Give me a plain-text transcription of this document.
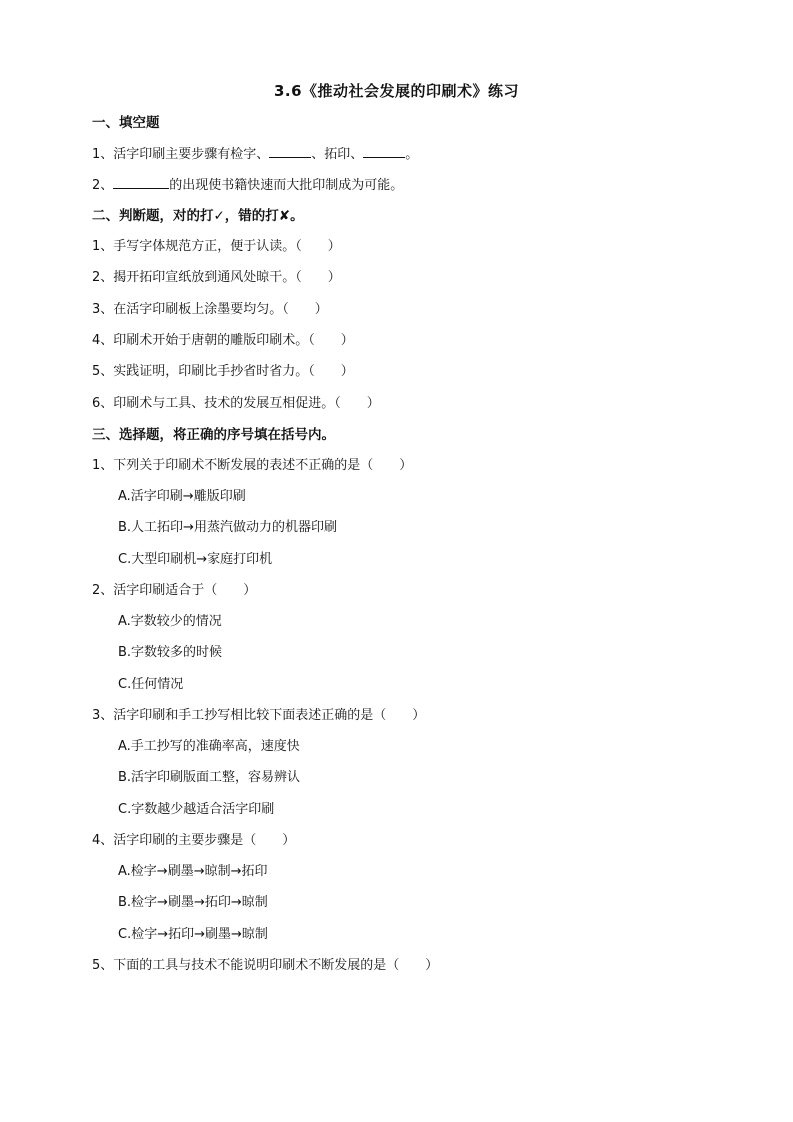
3.6《推动社会发展的印刷术》练习
一、填空题
1、活字印刷主要步骤有检字、	、拓印、	。
2、	的出现使书籍快速而大批印制成为可能。
二、判断题，对的打✓，错的打✘。
1、手写字体规范方正，便于认读。（　　）
2、揭开拓印宣纸放到通风处晾干。（　　）
3、在活字印刷板上涂墨要均匀。（　　）
4、印刷术开始于唐朝的雕版印刷术。（　　）
5、实践证明，印刷比手抄省时省力。（　　）
6、印刷术与工具、技术的发展互相促进。（　　）
三、选择题，将正确的序号填在括号内。
1、下列关于印刷术不断发展的表述不正确的是（　　）
A.活字印刷→雕版印刷
B.人工拓印→用蒸汽做动力的机器印刷
C.大型印刷机→家庭打印机
2、活字印刷适合于（　　）
A.字数较少的情况
B.字数较多的时候
C.任何情况
3、活字印刷和手工抄写相比较下面表述正确的是（　　）
A.手工抄写的准确率高，速度快
B.活字印刷版面工整，容易辨认
C.字数越少越适合活字印刷
4、活字印刷的主要步骤是（　　）
A.检字→刷墨→晾制→拓印
B.检字→刷墨→拓印→晾制
C.检字→拓印→刷墨→晾制
5、下面的工具与技术不能说明印刷术不断发展的是（　　）
